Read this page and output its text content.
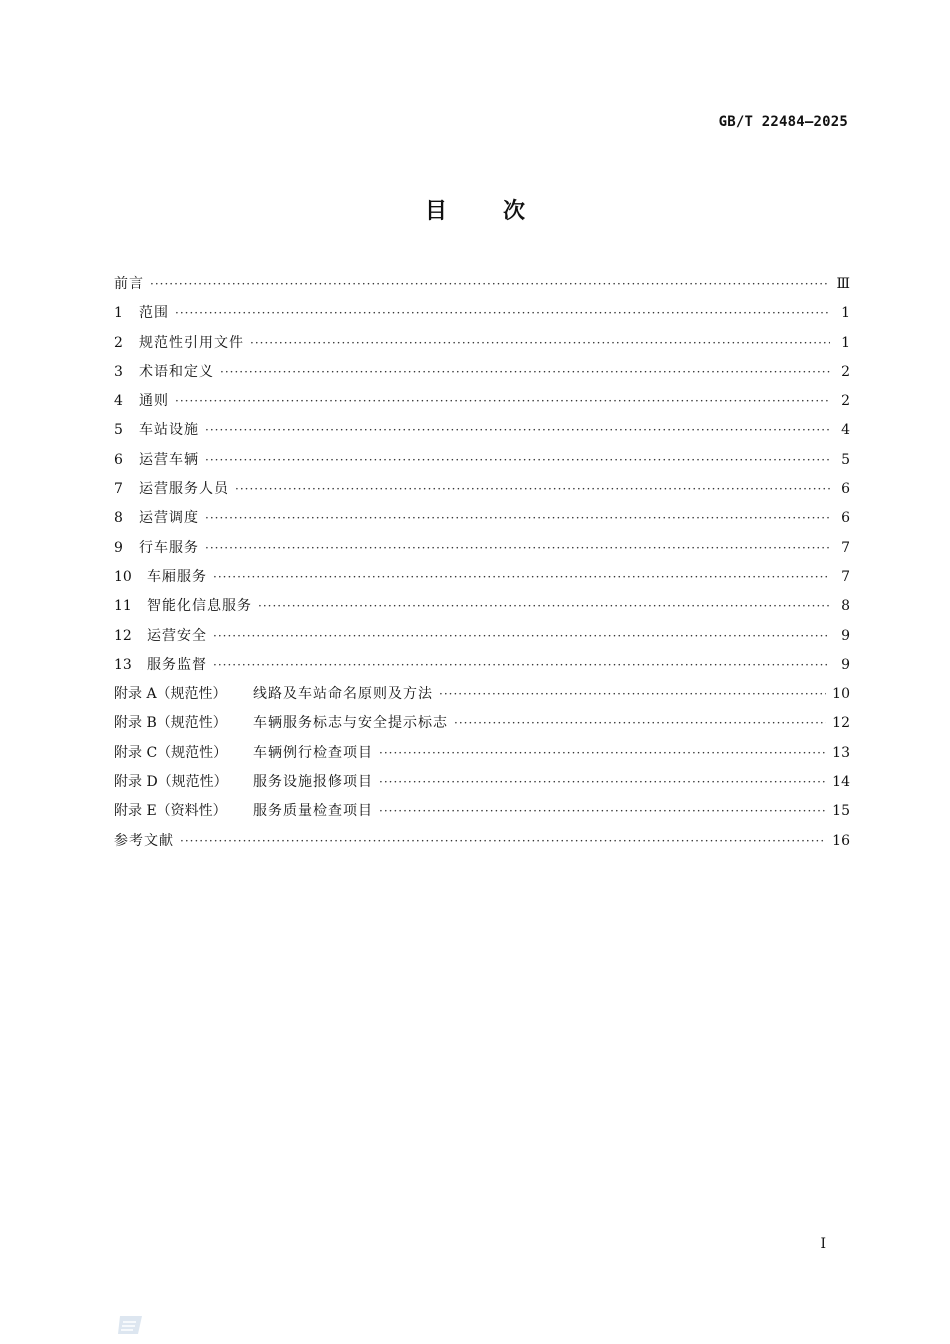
GB/T 22484—2025
目次
前言 ·····	Ⅲ
1	范围 ·····	1
2	规范性引用文件 ·····	1
3	术语和定义 ·····	2
4	通则 ·····	2
5	车站设施 ·····	4
6	运营车辆 ·····	5
7	运营服务人员 ·····	6
8	运营调度 ·····	6
9	行车服务 ·····	7
10	车厢服务 ·····	7
11	智能化信息服务 ·····	8
12	运营安全 ·····	9
13	服务监督 ·····	9
附录 A（规范性）	线路及车站命名原则及方法 ·····	10
附录 B（规范性）	车辆服务标志与安全提示标志 ·····	12
附录 C（规范性）	车辆例行检查项目 ·····	13
附录 D（规范性）	服务设施报修项目 ·····	14
附录 E（资料性）	服务质量检查项目 ·····	15
参考文献 ·····	16
I
